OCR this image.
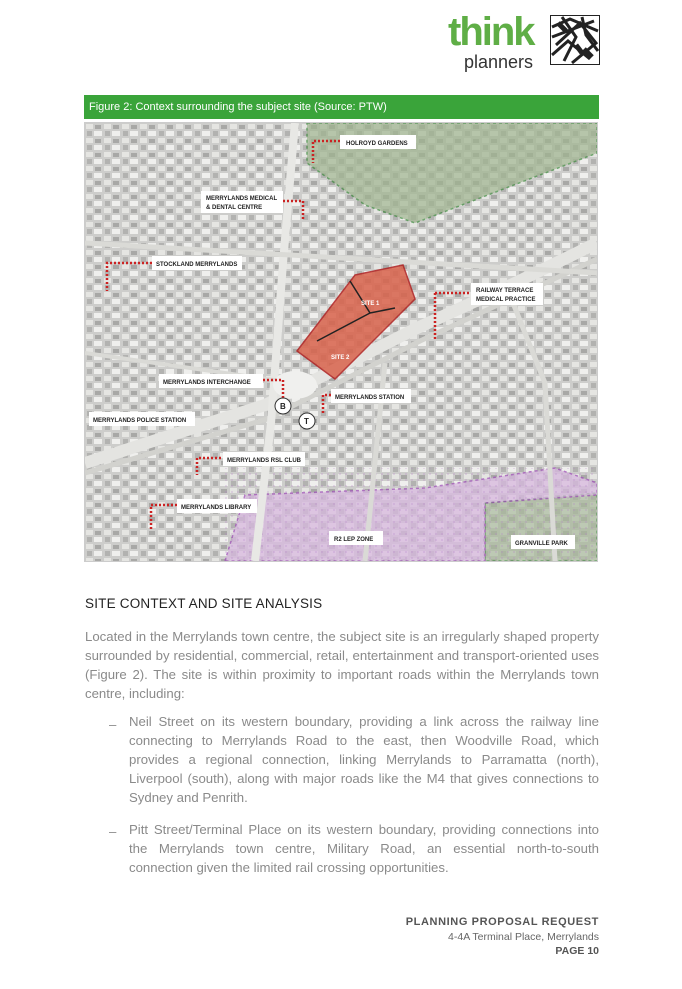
think
planners
Figure 2: Context surrounding the subject site (Source: PTW)
SITE 1
SITE 2
HOLROYD GARDENS
MERRYLANDS MEDICAL
& DENTAL CENTRE
STOCKLAND MERRYLANDS
RAILWAY TERRACE
MEDICAL PRACTICE
MERRYLANDS INTERCHANGE
MERRYLANDS STATION
MERRYLANDS POLICE STATION
MERRYLANDS RSL CLUB
MERRYLANDS LIBRARY
R2 LEP ZONE
GRANVILLE PARK
B
T
SITE CONTEXT AND SITE ANALYSIS

Located in the Merrylands town centre, the subject site is an irregularly shaped property surrounded by residential, commercial, retail, entertainment and transport-oriented uses (Figure 2). The site is within proximity to important roads within the Merrylands town centre, including:

– Neil Street on its western boundary, providing a link across the railway line connecting to Merrylands Road to the east, then Woodville Road, which provides a regional connection, linking Merrylands to Parramatta (north), Liverpool (south), along with major roads like the M4 that gives connections to Sydney and Penrith.

– Pitt Street/Terminal Place on its western boundary, providing connections into the Merrylands town centre, Military Road, an essential north-to-south connection given the limited rail crossing opportunities.

PLANNING PROPOSAL REQUEST
4-4A Terminal Place, Merrylands
PAGE 10
